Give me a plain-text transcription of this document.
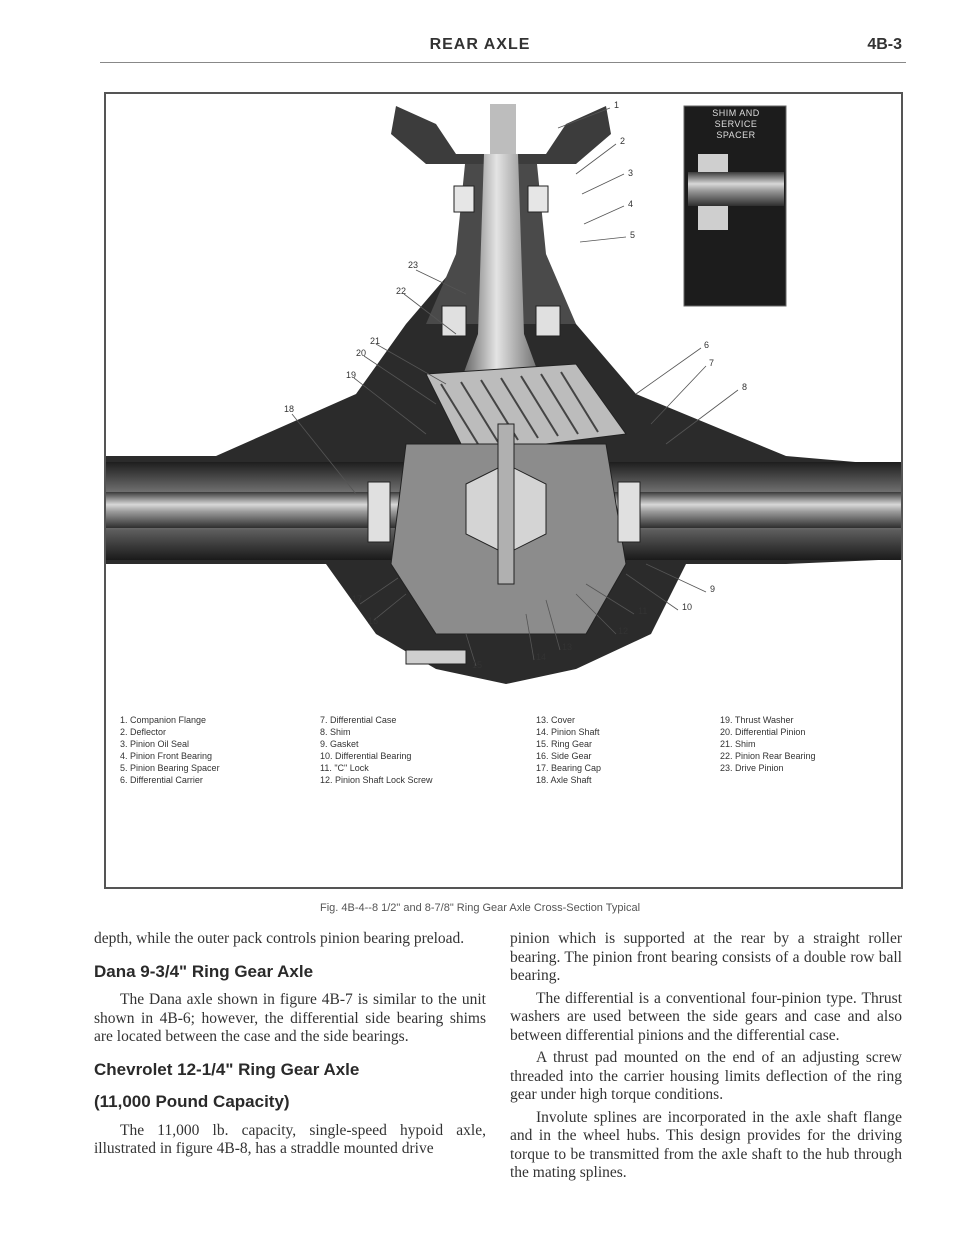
REAR AXLE	4B-3
SHIM AND
SERVICE
SPACER
1
2
3
4
5
6
7
8
9
10
11
12
13
14
15
16
17
18
19
20
21
22
23
1. Companion Flange
2. Deflector
3. Pinion Oil Seal
4. Pinion Front Bearing
5. Pinion Bearing Spacer
6. Differential Carrier
7. Differential Case
8. Shim
9. Gasket
10. Differential Bearing
11. "C" Lock
12. Pinion Shaft Lock Screw
13. Cover
14. Pinion Shaft
15. Ring Gear
16. Side Gear
17. Bearing Cap
18. Axle Shaft
19. Thrust Washer
20. Differential Pinion
21. Shim
22. Pinion Rear Bearing
23. Drive Pinion
Fig. 4B-4--8 1/2" and 8-7/8" Ring Gear Axle Cross-Section Typical

depth, while the outer pack controls pinion bearing preload.

Dana 9-3/4" Ring Gear Axle

The Dana axle shown in figure 4B-7 is similar to the unit shown in 4B-6; however, the differential side bearing shims are located between the case and the side bearings.

Chevrolet 12-1/4" Ring Gear Axle
(11,000 Pound Capacity)

The 11,000 lb. capacity, single-speed hypoid axle, illustrated in figure 4B-8, has a straddle mounted drive

pinion which is supported at the rear by a straight roller bearing. The pinion front bearing consists of a double row ball bearing.

The differential is a conventional four-pinion type. Thrust washers are used between the side gears and case and also between differential pinions and the differential case.

A thrust pad mounted on the end of an adjusting screw threaded into the carrier housing limits deflection of the ring gear under high torque conditions.

Involute splines are incorporated in the axle shaft flange and in the wheel hubs. This design provides for the driving torque to be transmitted from the axle shaft to the hub through the mating splines.
